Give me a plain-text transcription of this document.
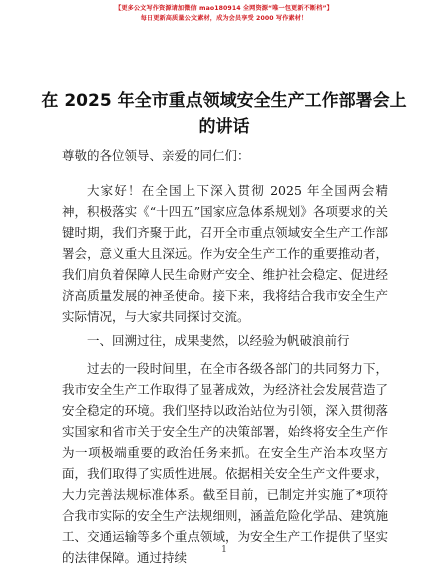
【更多公文写作资源请加微信 mao180914 全网资源“唯一包更新不断档”】
每日更新高质量公文素材，成为会员享受 2000 写作素材！
在 2025 年全市重点领域安全生产工作部署会上的讲话
尊敬的各位领导、亲爱的同仁们：
大家好！在全国上下深入贯彻 2025 年全国两会精神，积极落实《“十四五”国家应急体系规划》各项要求的关键时期，我们齐聚于此，召开全市重点领域安全生产工作部署会，意义重大且深远。作为安全生产工作的重要推动者，我们肩负着保障人民生命财产安全、维护社会稳定、促进经济高质量发展的神圣使命。接下来，我将结合我市安全生产实际情况，与大家共同探讨交流。
一、回溯过往，成果斐然，以经验为帆破浪前行
过去的一段时间里，在全市各级各部门的共同努力下，我市安全生产工作取得了显著成效，为经济社会发展营造了安全稳定的环境。我们坚持以政治站位为引领，深入贯彻落实国家和省市关于安全生产的决策部署，始终将安全生产作为一项极端重要的政治任务来抓。在安全生产治本攻坚方面，我们取得了实质性进展。依据相关安全生产文件要求，大力完善法规标准体系。截至目前，已制定并实施了*项符合我市实际的安全生产法规细则，涵盖危险化学品、建筑施工、交通运输等多个重点领域，为安全生产工作提供了坚实的法律保障。通过持续	1
